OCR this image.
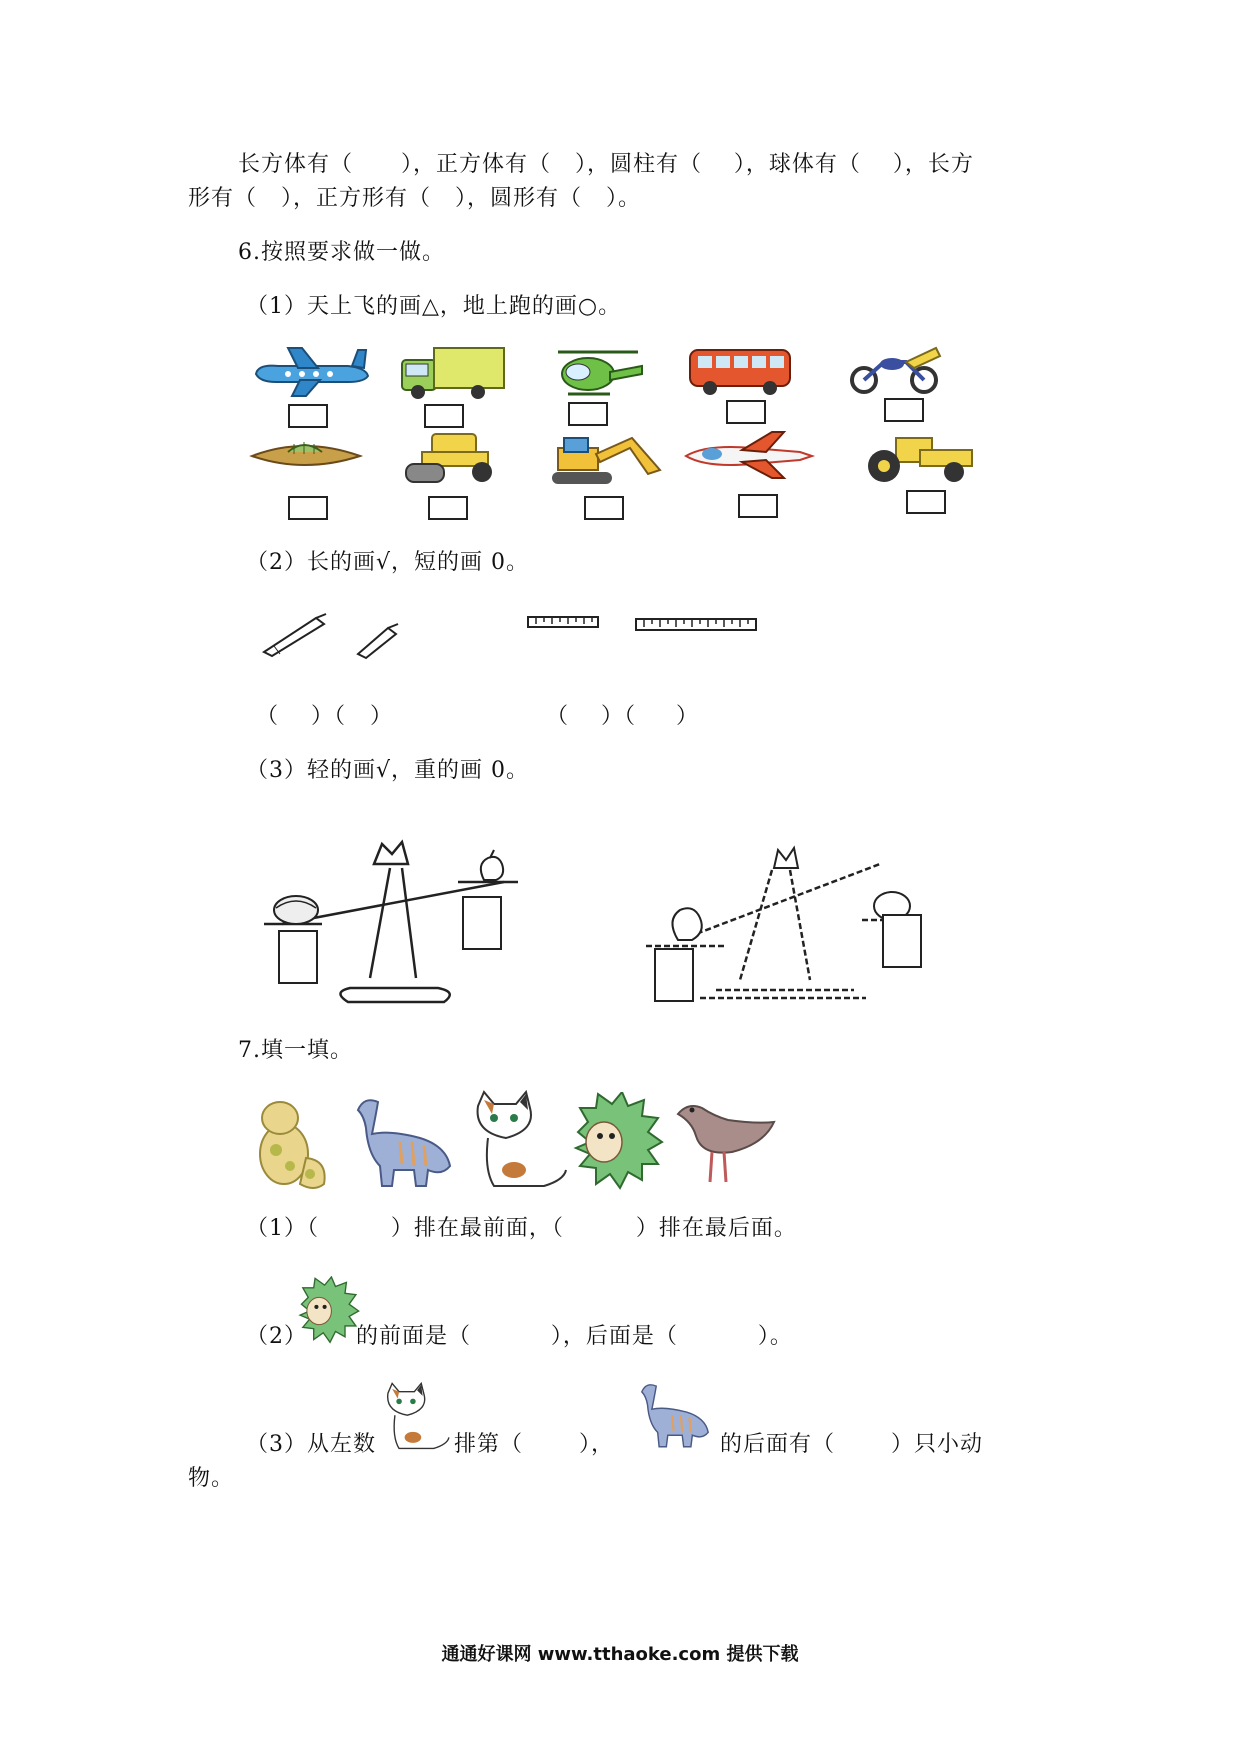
长方体有（      ），正方体有（   ），圆柱有（    ），球体有（    ），长方
形有（   ），正方形有（   ），圆形有（   ）。
6.按照要求做一做。
（1）天上飞的画△，地上跑的画○。
（2）长的画√，短的画 0。
（    ）（   ）	（    ）（     ）
（3）轻的画√，重的画 0。
7.填一填。
（1）（         ）排在最前面，（         ）排在最后面。
（2） 的前面是（          ），后面是（          ）。
（3）从左数	排第（       ），	的后面有（       ）只小动
物。
通通好课网 www.tthaoke.com 提供下载
